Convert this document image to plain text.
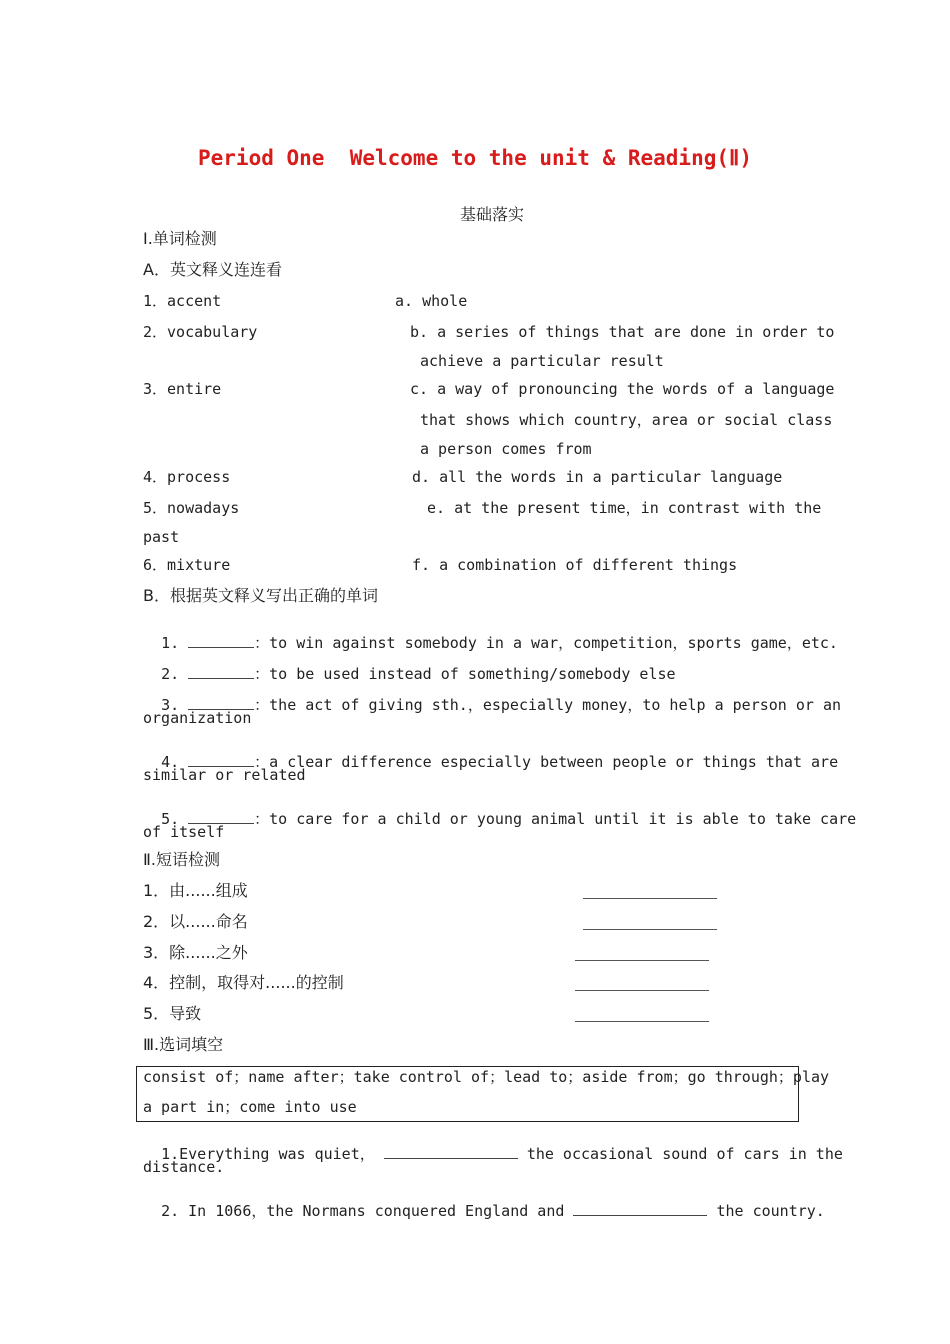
Period One  Welcome to the unit & Reading(Ⅱ)
基础落实
Ⅰ.单词检测
A．英文释义连连看
1．accent	a. whole
2．vocabulary	b. a series of things that are done in order to
achieve a particular result
3．entire	c. a way of pronouncing the words of a language
that shows which country，area or social class
a person comes from
4．process	d. all the words in a particular language
5．nowadays	e. at the present time，in contrast with the
past
6．mixture	f. a combination of different things
B．根据英文释义写出正确的单词

1.	：to win against somebody in a war，competition，sports game，etc.

2.	：to be used instead of something/somebody else

3.	：the act of giving sth.，especially money，to help a person or an

organization

4.	：a clear difference especially between people or things that are

similar or related

5.	：to care for a child or young animal until it is able to take care

of itself
Ⅱ.短语检测
1．由......组成
2．以......命名
3．除......之外
4．控制，取得对......的控制
5．导致
Ⅲ.选词填空
consist of；name after；take control of；lead to；aside from；go through；play
a part in；come into use

1.Everything was quiet，	the occasional sound of cars in the

distance.

2. In 1066，the Normans conquered England and	the country.
